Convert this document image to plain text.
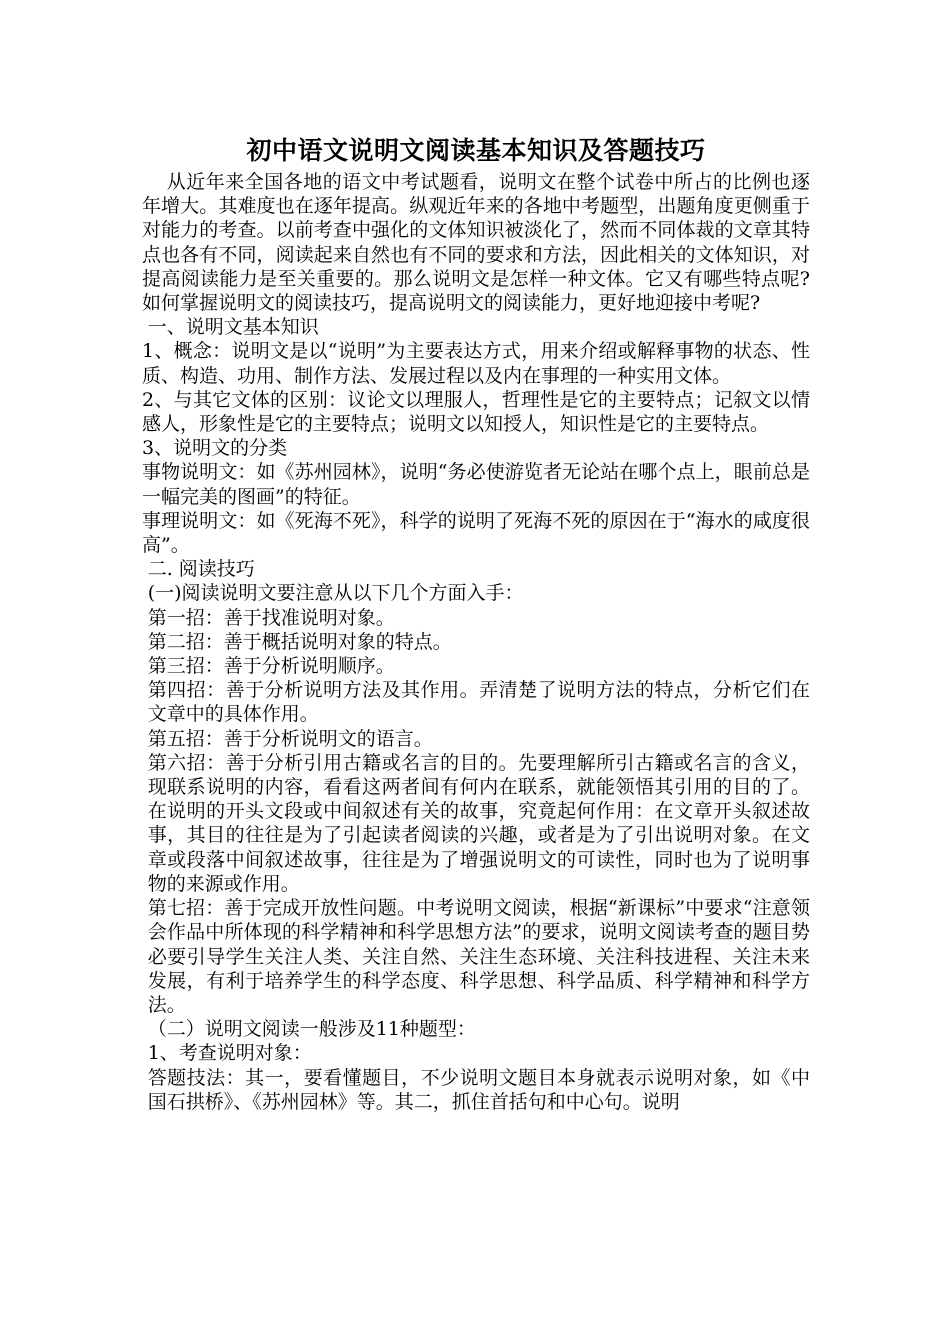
初中语文说明文阅读基本知识及答题技巧

从近年来全国各地的语文中考试题看，说明文在整个试卷中所占的比例也逐年增大。其难度也在逐年提高。纵观近年来的各地中考题型，出题角度更侧重于对能力的考查。以前考查中强化的文体知识被淡化了，然而不同体裁的文章其特点也各有不同，阅读起来自然也有不同的要求和方法，因此相关的文体知识，对提高阅读能力是至关重要的。那么说明文是怎样一种文体。它又有哪些特点呢?如何掌握说明文的阅读技巧，提高说明文的阅读能力，更好地迎接中考呢?

一、说明文基本知识

1、概念：说明文是以“说明”为主要表达方式，用来介绍或解释事物的状态、性质、构造、功用、制作方法、发展过程以及内在事理的一种实用文体。

2、与其它文体的区别：议论文以理服人，哲理性是它的主要特点；记叙文以情感人，形象性是它的主要特点；说明文以知授人，知识性是它的主要特点。

3、说明文的分类

事物说明文：如《苏州园林》，说明“务必使游览者无论站在哪个点上，眼前总是一幅完美的图画”的特征。

事理说明文：如《死海不死》，科学的说明了死海不死的原因在于“海水的咸度很高”。

二. 阅读技巧

(一)阅读说明文要注意从以下几个方面入手：

第一招：善于找准说明对象。

第二招：善于概括说明对象的特点。

第三招：善于分析说明顺序。

第四招：善于分析说明方法及其作用。弄清楚了说明方法的特点，分析它们在文章中的具体作用。

第五招：善于分析说明文的语言。

第六招：善于分析引用古籍或名言的目的。先要理解所引古籍或名言的含义，现联系说明的内容，看看这两者间有何内在联系，就能领悟其引用的目的了。在说明的开头文段或中间叙述有关的故事，究竟起何作用：在文章开头叙述故事，其目的往往是为了引起读者阅读的兴趣，或者是为了引出说明对象。在文章或段落中间叙述故事，往往是为了增强说明文的可读性，同时也为了说明事物的来源或作用。

第七招：善于完成开放性问题。中考说明文阅读，根据“新课标”中要求“注意领会作品中所体现的科学精神和科学思想方法”的要求，说明文阅读考查的题目势必要引导学生关注人类、关注自然、关注生态环境、关注科技进程、关注未来发展，有利于培养学生的科学态度、科学思想、科学品质、科学精神和科学方法。

（二）说明文阅读一般涉及11种题型：

1、考查说明对象：

答题技法：其一，要看懂题目，不少说明文题目本身就表示说明对象，如《中国石拱桥》、《苏州园林》等。其二，抓住首括句和中心句。说明
